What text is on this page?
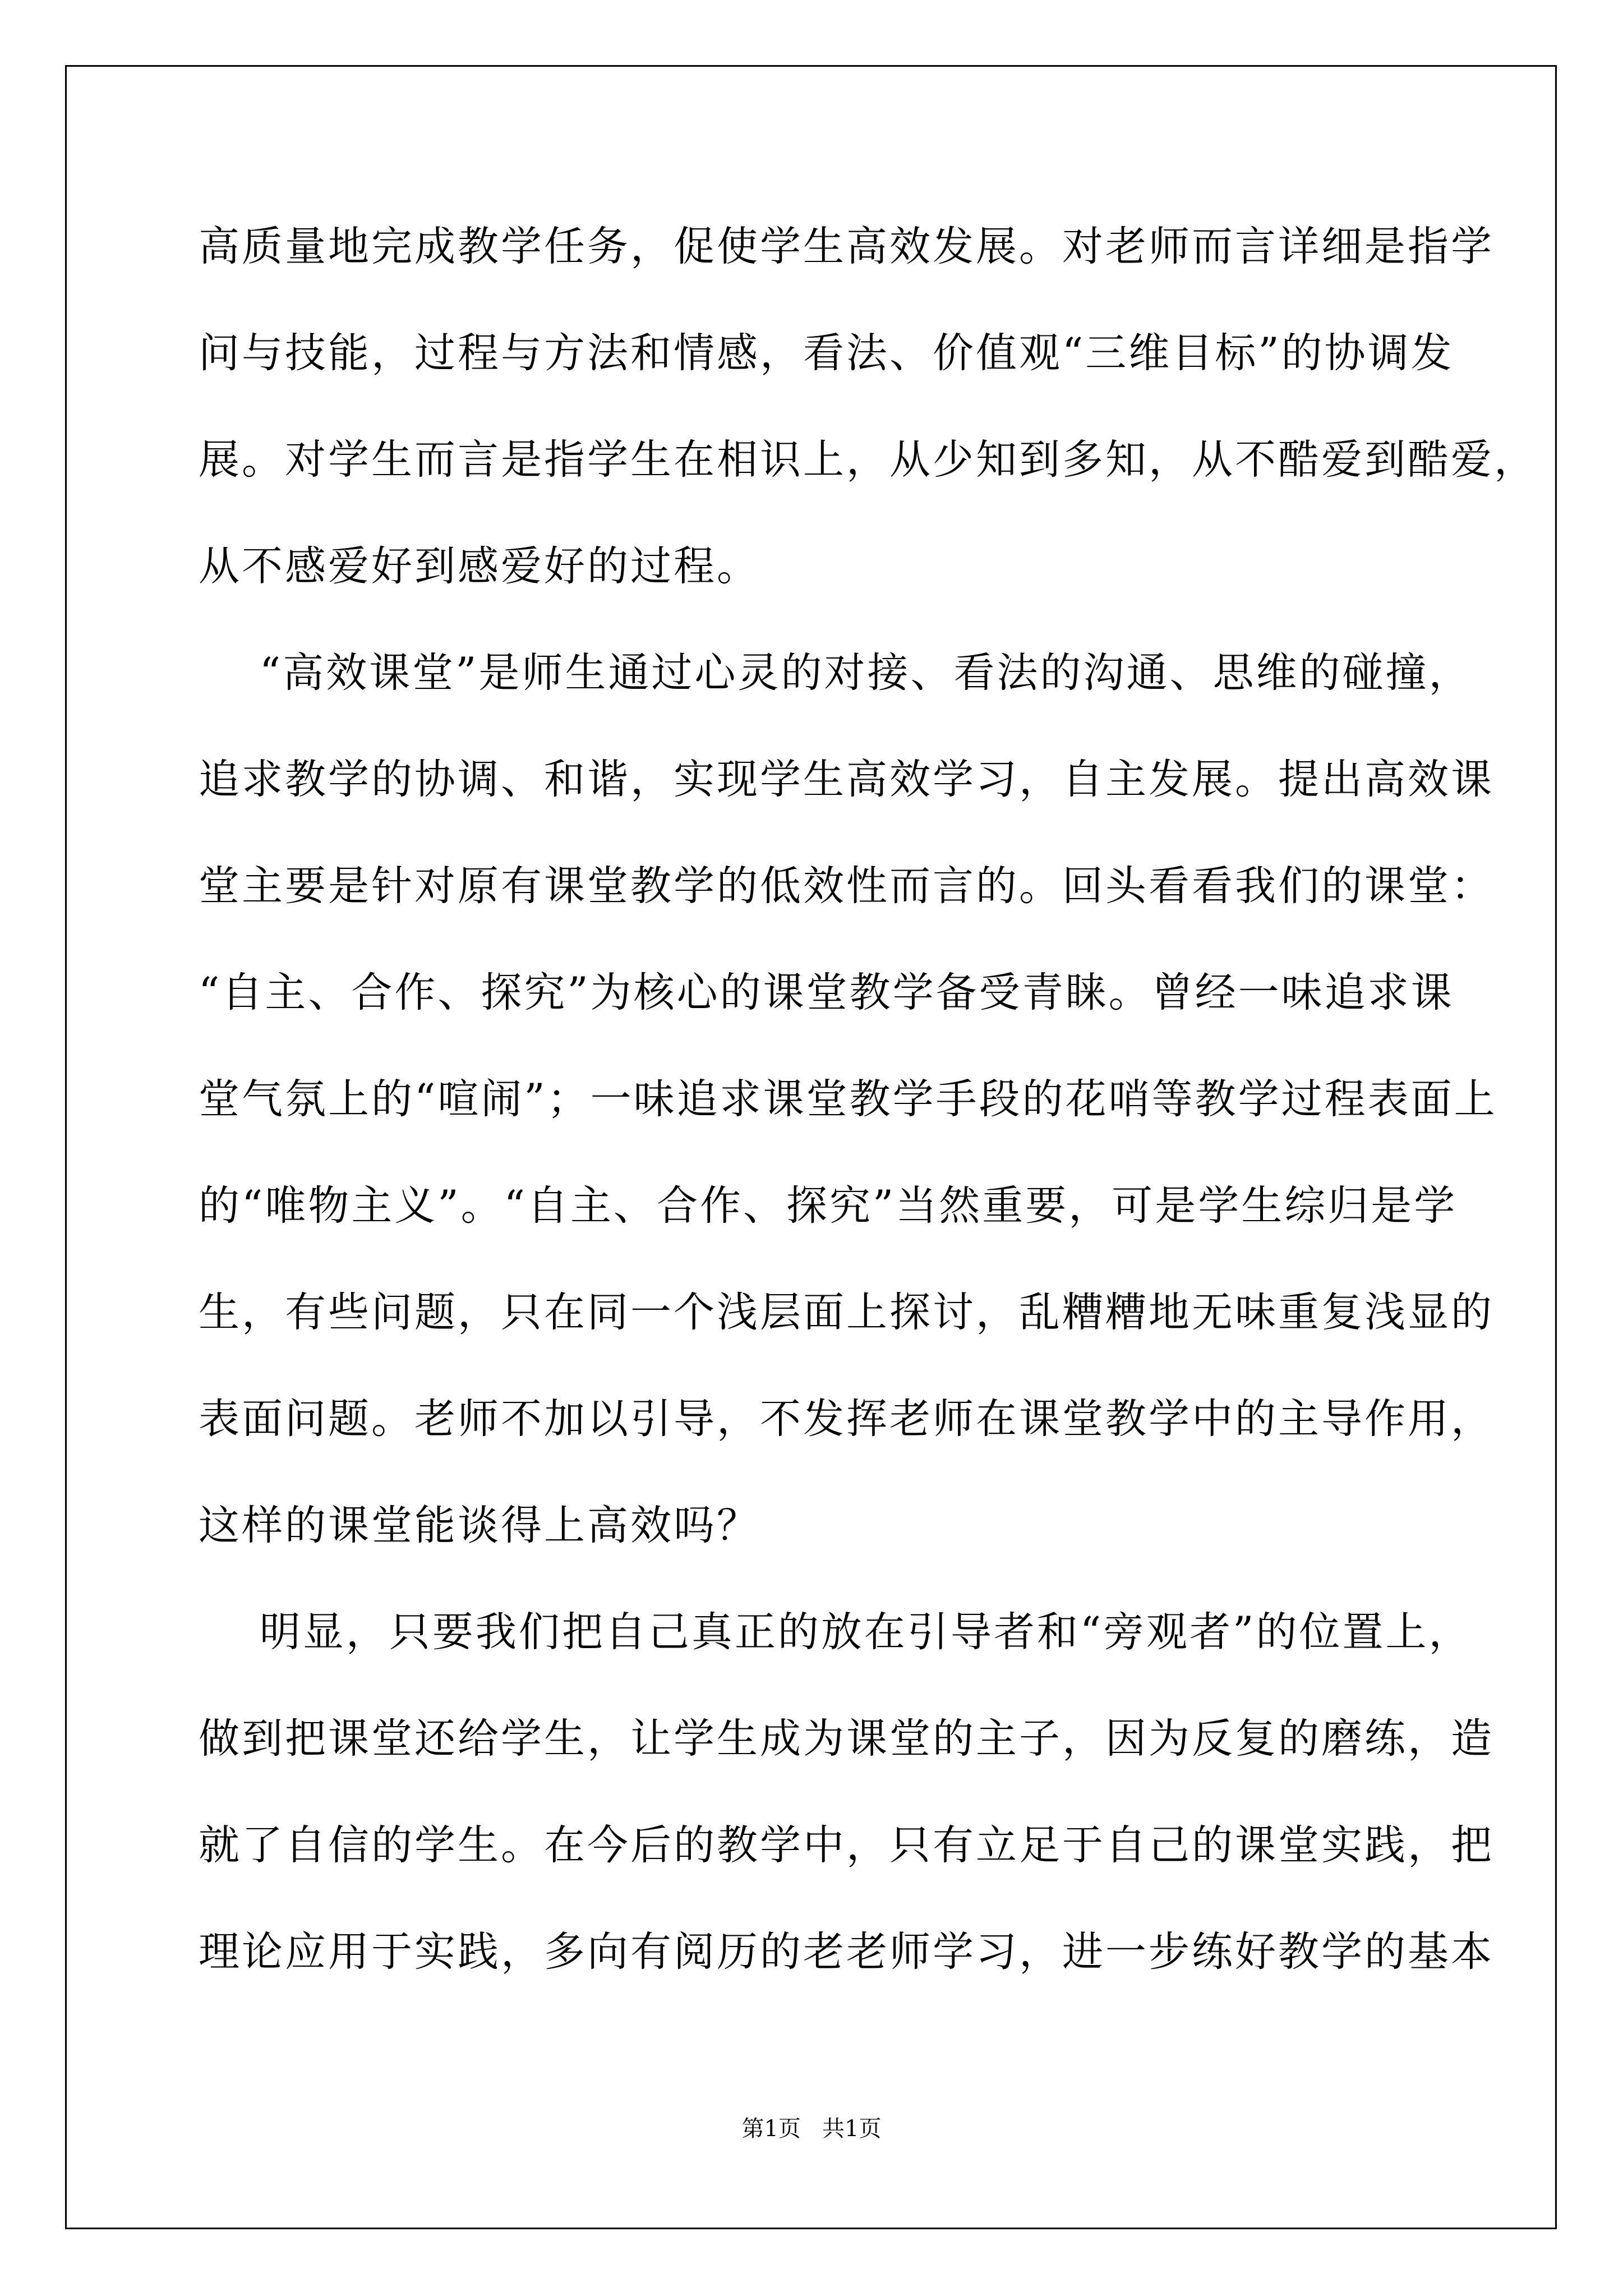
高质量地完成教学任务，促使学生高效发展。对老师而言详细是指学
问与技能，过程与方法和情感，看法、价值观“三维目标”的协调发
展。对学生而言是指学生在相识上，从少知到多知，从不酷爱到酷爱，
从不感爱好到感爱好的过程。
“高效课堂”是师生通过心灵的对接、看法的沟通、思维的碰撞，
追求教学的协调、和谐，实现学生高效学习，自主发展。提出高效课
堂主要是针对原有课堂教学的低效性而言的。回头看看我们的课堂：
“自主、合作、探究”为核心的课堂教学备受青睐。曾经一味追求课
堂气氛上的“喧闹”；一味追求课堂教学手段的花哨等教学过程表面上
的“唯物主义”。“自主、合作、探究”当然重要，可是学生综归是学
生，有些问题，只在同一个浅层面上探讨，乱糟糟地无味重复浅显的
表面问题。老师不加以引导，不发挥老师在课堂教学中的主导作用，
这样的课堂能谈得上高效吗？
明显，只要我们把自己真正的放在引导者和“旁观者”的位置上，
做到把课堂还给学生，让学生成为课堂的主子，因为反复的磨练，造
就了自信的学生。在今后的教学中，只有立足于自己的课堂实践，把
理论应用于实践，多向有阅历的老老师学习，进一步练好教学的基本
第1页   共1页
